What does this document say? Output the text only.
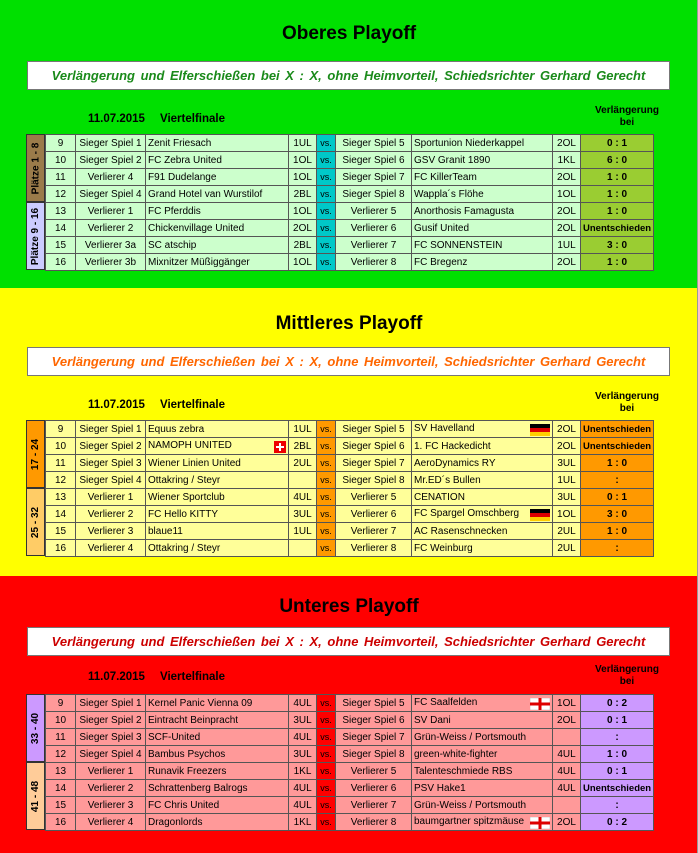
Oberes Playoff
Verlängerung und Elferschießen bei X : X, ohne Heimvorteil, Schiedsrichter Gerhard Gerecht
11.07.2015 Viertelfinale
Verlängerung bei
Plätze 1 - 8
Plätze 9 - 16
9	Sieger Spiel 1	Zenit Friesach	1UL	vs.	Sieger Spiel 5	Sportunion Niederkappel	2OL	0 : 1
10	Sieger Spiel 2	FC Zebra United	1OL	vs.	Sieger Spiel 6	GSV Granit 1890	1KL	6 : 0
11	Verlierer 4	F91 Dudelange	1OL	vs.	Sieger Spiel 7	FC KillerTeam	2OL	1 : 0
12	Sieger Spiel 4	Grand Hotel van Wurstilof	2BL	vs.	Sieger Spiel 8	Wappla´s Flöhe	1OL	1 : 0
13	Verlierer 1	FC Pferddis	1OL	vs.	Verlierer 5	Anorthosis Famagusta	2OL	1 : 0
14	Verlierer 2	Chickenvillage United	2OL	vs.	Verlierer 6	Gusif United	2OL	Unentschieden
15	Verlierer 3a	SC atschip	2BL	vs.	Verlierer 7	FC SONNENSTEIN	1UL	3 : 0
16	Verlierer 3b	Mixnitzer Müßiggänger	1OL	vs.	Verlierer 8	FC Bregenz	2OL	1 : 0
Mittleres Playoff
Verlängerung und Elferschießen bei X : X, ohne Heimvorteil, Schiedsrichter Gerhard Gerecht
11.07.2015 Viertelfinale
Verlängerung bei
17 - 24
25 - 32
9	Sieger Spiel 1	Equus zebra	1UL	vs.	Sieger Spiel 5	SV Havelland	2OL	Unentschieden
10	Sieger Spiel 2	NAMOPH UNITED	2BL	vs.	Sieger Spiel 6	1. FC Hackedicht	2OL	Unentschieden
11	Sieger Spiel 3	Wiener Linien United	2UL	vs.	Sieger Spiel 7	AeroDynamics RY	3UL	1 : 0
12	Sieger Spiel 4	Ottakring / Steyr		vs.	Sieger Spiel 8	Mr.ED´s Bullen	1UL	:
13	Verlierer 1	Wiener Sportclub	4UL	vs.	Verlierer 5	CENATION	3UL	0 : 1
14	Verlierer 2	FC Hello KITTY	3UL	vs.	Verlierer 6	FC Spargel Omschberg	1OL	3 : 0
15	Verlierer 3	blaue11	1UL	vs.	Verlierer 7	AC Rasenschnecken	2UL	1 : 0
16	Verlierer 4	Ottakring / Steyr		vs.	Verlierer 8	FC Weinburg	2UL	:
Unteres Playoff
Verlängerung und Elferschießen bei X : X, ohne Heimvorteil, Schiedsrichter Gerhard Gerecht
11.07.2015 Viertelfinale
Verlängerung bei
33 - 40
41 - 48
9	Sieger Spiel 1	Kernel Panic Vienna 09	4UL	vs.	Sieger Spiel 5	FC Saalfelden	1OL	0 : 2
10	Sieger Spiel 2	Eintracht Beinpracht	3UL	vs.	Sieger Spiel 6	SV Dani	2OL	0 : 1
11	Sieger Spiel 3	SCF-United	4UL	vs.	Sieger Spiel 7	Grün-Weiss / Portsmouth		:
12	Sieger Spiel 4	Bambus Psychos	3UL	vs.	Sieger Spiel 8	green-white-fighter	4UL	1 : 0
13	Verlierer 1	Runavik Freezers	1KL	vs.	Verlierer 5	Talenteschmiede RBS	4UL	0 : 1
14	Verlierer 2	Schrattenberg Balrogs	4UL	vs.	Verlierer 6	PSV Hake1	4UL	Unentschieden
15	Verlierer 3	FC Chris United	4UL	vs.	Verlierer 7	Grün-Weiss / Portsmouth		:
16	Verlierer 4	Dragonlords	1KL	vs.	Verlierer 8	baumgartner spitzmäuse	2OL	0 : 2
